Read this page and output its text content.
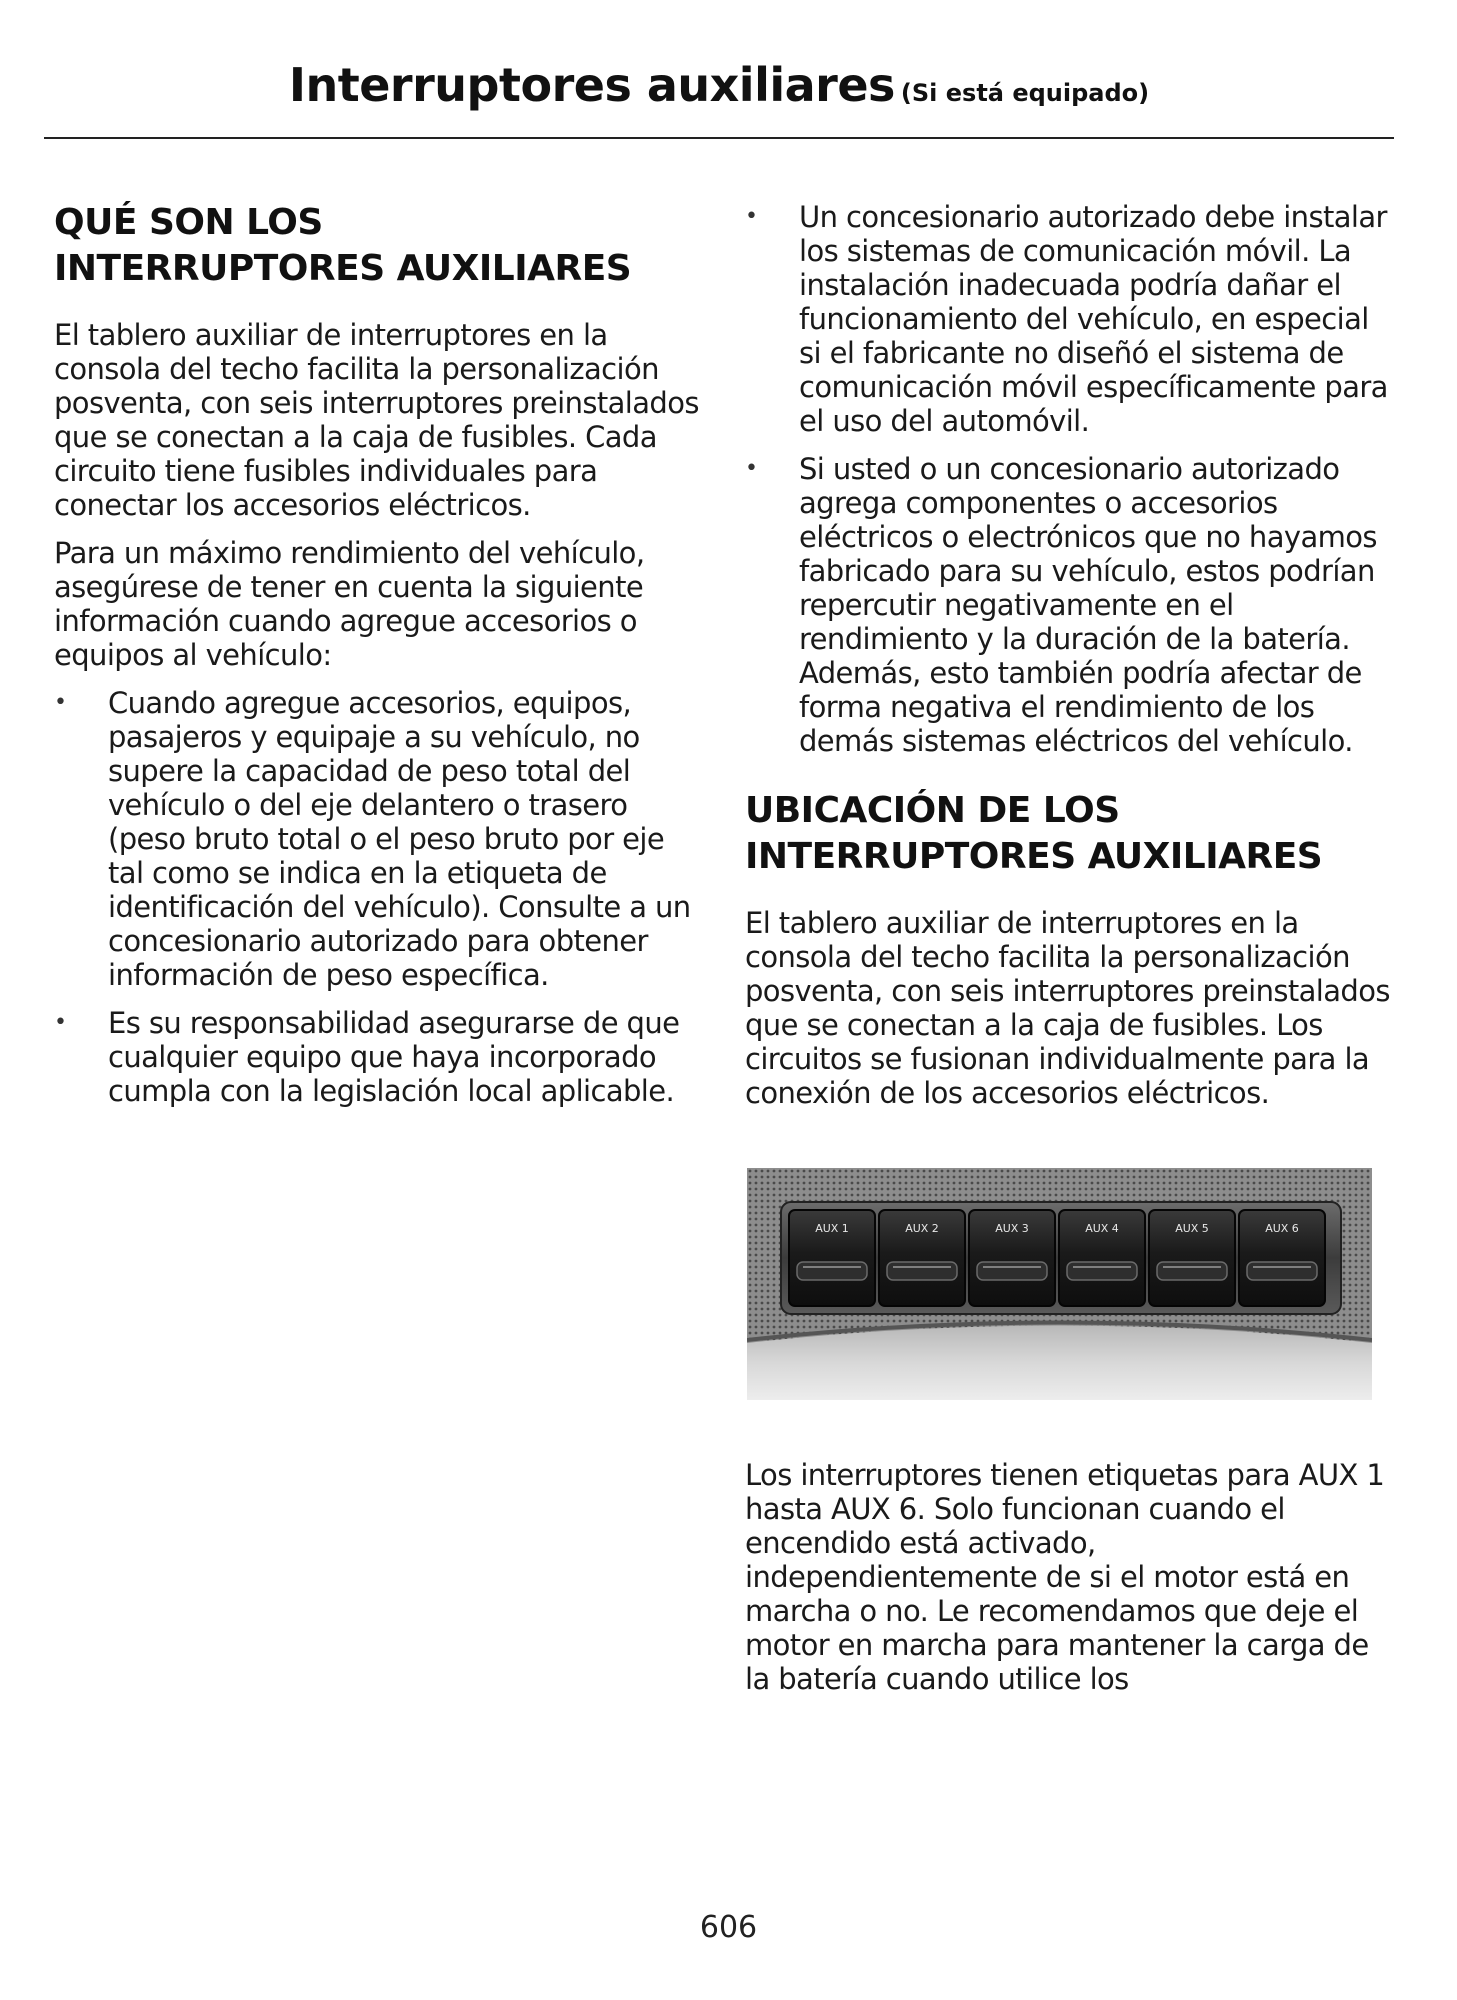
Interruptores auxiliares (Si está equipado)
QUÉ SON LOS
INTERRUPTORES AUXILIARES

El tablero auxiliar de interruptores en la consola del techo facilita la personalización posventa, con seis interruptores preinstalados que se conectan a la caja de fusibles. Cada circuito tiene fusibles individuales para conectar los accesorios eléctricos.

Para un máximo rendimiento del vehículo, asegúrese de tener en cuenta la siguiente información cuando agregue accesorios o equipos al vehículo:

• Cuando agregue accesorios, equipos, pasajeros y equipaje a su vehículo, no supere la capacidad de peso total del vehículo o del eje delantero o trasero (peso bruto total o el peso bruto por eje tal como se indica en la etiqueta de identificación del vehículo). Consulte a un concesionario autorizado para obtener información de peso específica.
• Es su responsabilidad asegurarse de que cualquier equipo que haya incorporado cumpla con la legislación local aplicable.
• Un concesionario autorizado debe instalar los sistemas de comunicación móvil. La instalación inadecuada podría dañar el funcionamiento del vehículo, en especial si el fabricante no diseñó el sistema de comunicación móvil específicamente para el uso del automóvil.
• Si usted o un concesionario autorizado agrega componentes o accesorios eléctricos o electrónicos que no hayamos fabricado para su vehículo, estos podrían repercutir negativamente en el rendimiento y la duración de la batería. Además, esto también podría afectar de forma negativa el rendimiento de los demás sistemas eléctricos del vehículo.
UBICACIÓN DE LOS
INTERRUPTORES AUXILIARES

El tablero auxiliar de interruptores en la consola del techo facilita la personalización posventa, con seis interruptores preinstalados que se conectan a la caja de fusibles. Los circuitos se fusionan individualmente para la conexión de los accesorios eléctricos.

AUX 1	AUX 2	AUX 3	AUX 4	AUX 5	AUX 6

Los interruptores tienen etiquetas para AUX 1 hasta AUX 6. Solo funcionan cuando el encendido está activado, independientemente de si el motor está en marcha o no. Le recomendamos que deje el motor en marcha para mantener la carga de la batería cuando utilice los

606
